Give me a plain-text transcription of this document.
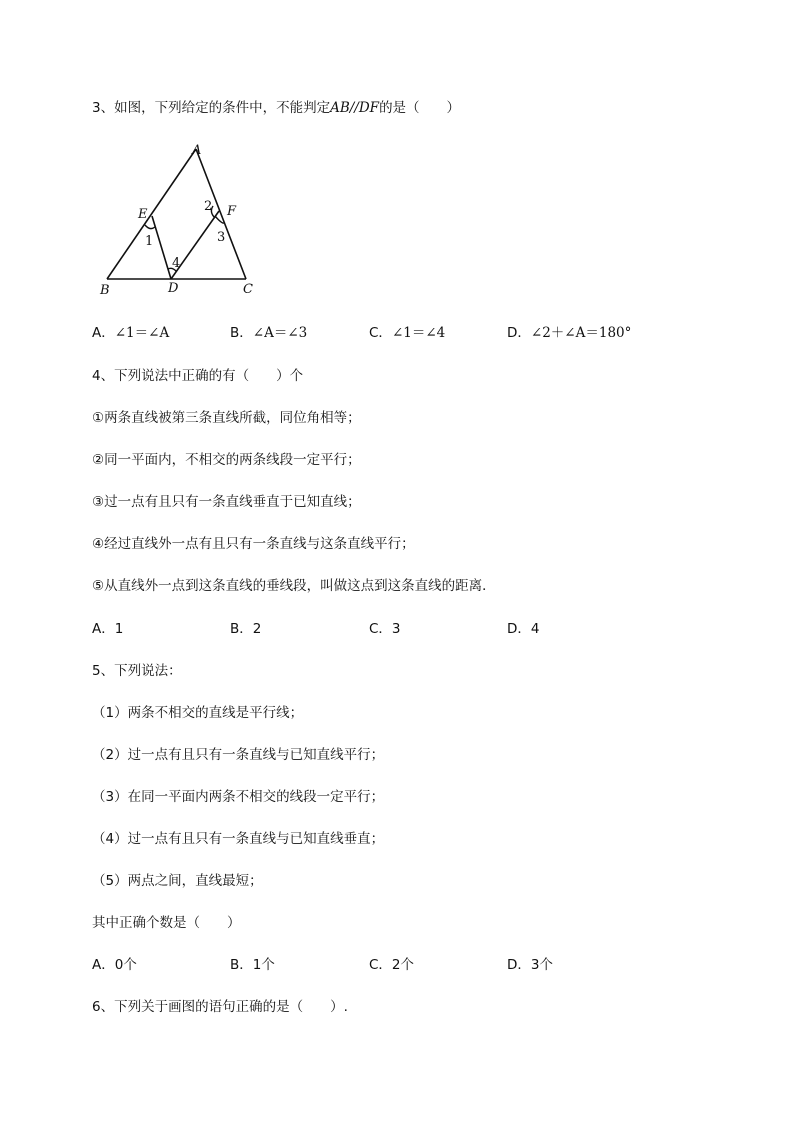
3、如图，下列给定的条件中，不能判定AB//DF的是（　　）
A
E	F
B	D	C
1
2
3
4
A．∠1＝∠A	B．∠A＝∠3	C．∠1＝∠4	D．∠2＋∠A＝180°
4、下列说法中正确的有（　　）个
①两条直线被第三条直线所截，同位角相等；
②同一平面内，不相交的两条线段一定平行；
③过一点有且只有一条直线垂直于已知直线；
④经过直线外一点有且只有一条直线与这条直线平行；
⑤从直线外一点到这条直线的垂线段，叫做这点到这条直线的距离．
A．1	B．2	C．3	D．4
5、下列说法：
（1）两条不相交的直线是平行线；
（2）过一点有且只有一条直线与已知直线平行；
（3）在同一平面内两条不相交的线段一定平行；
（4）过一点有且只有一条直线与已知直线垂直；
（5）两点之间，直线最短；
其中正确个数是（　　）
A．0个	B．1个	C．2个	D．3个
6、下列关于画图的语句正确的是（　　）.
